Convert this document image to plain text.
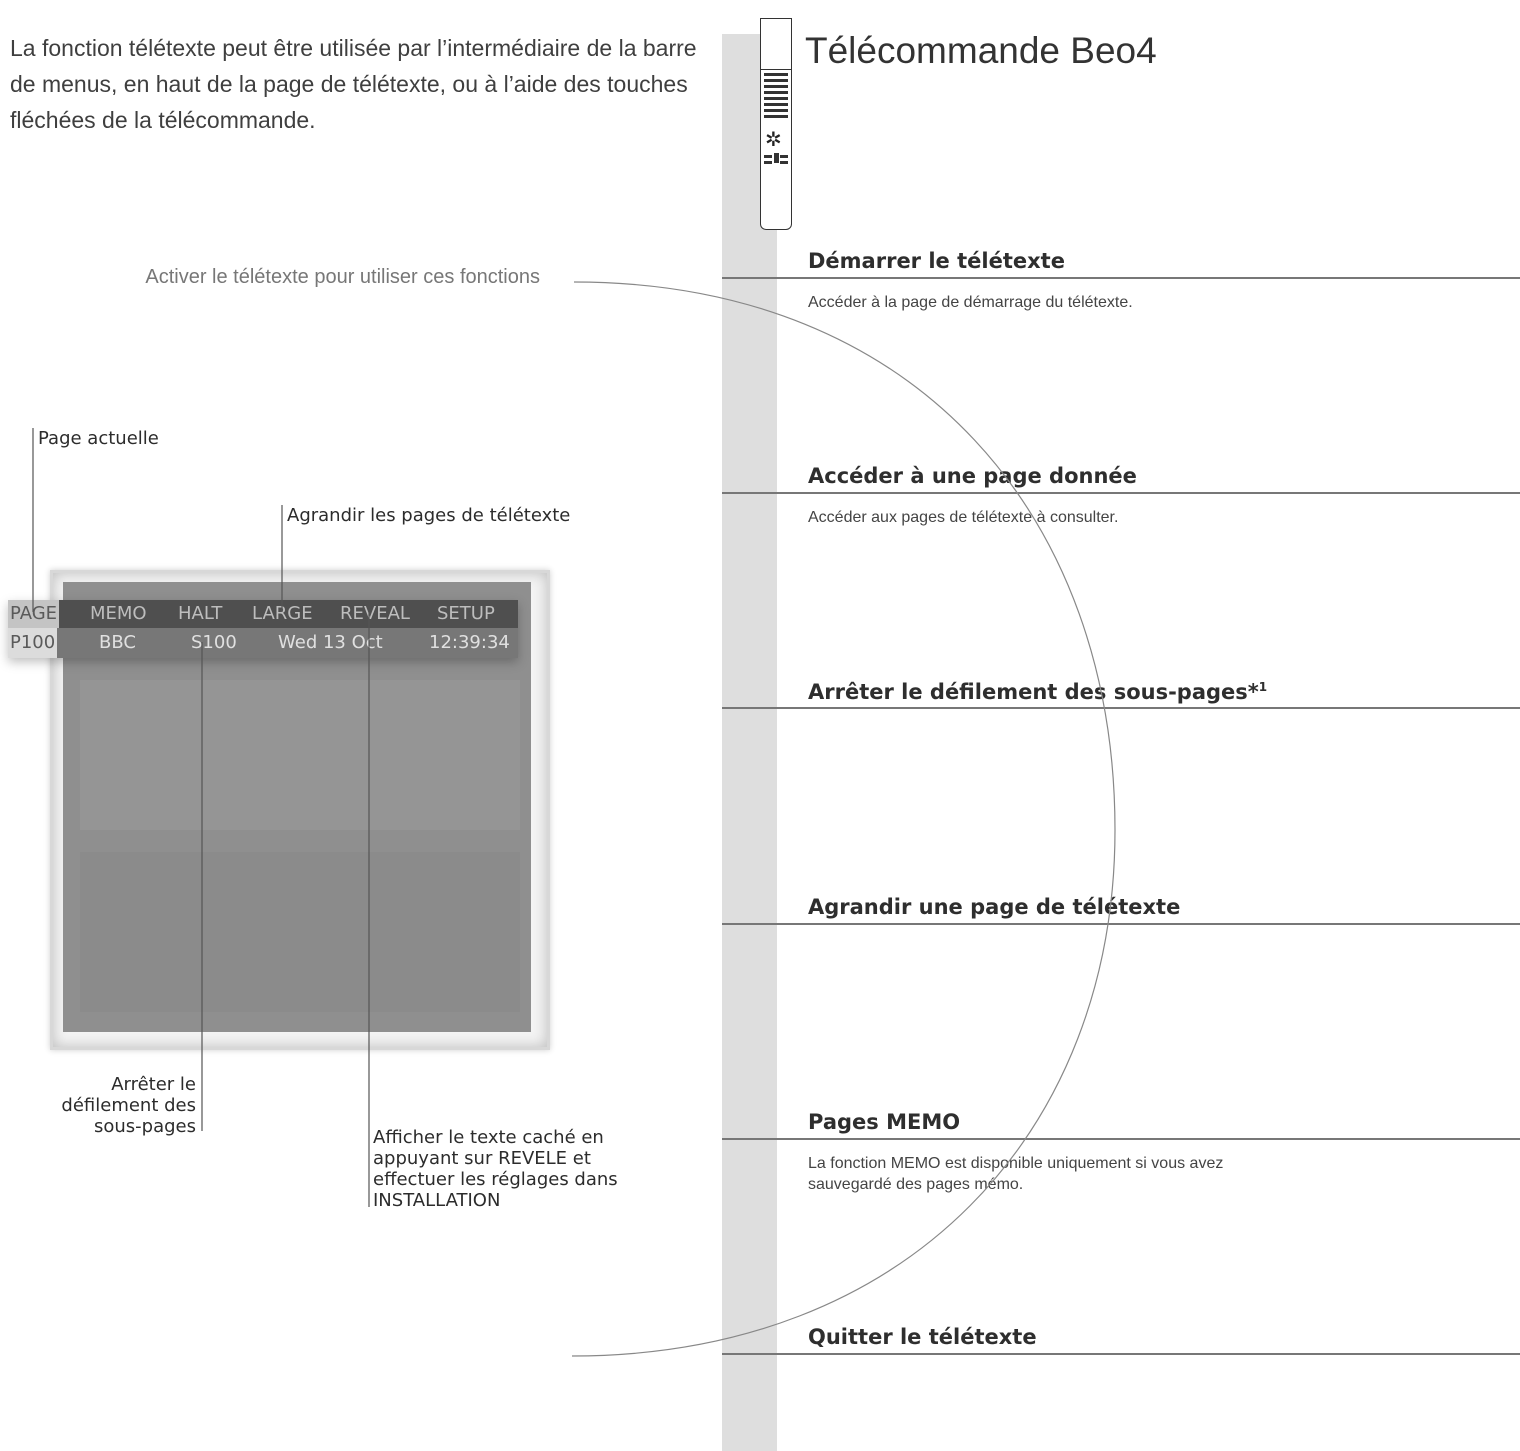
La fonction télétexte peut être utilisée par l’intermédiaire de la barre de menus, en haut de la page de télétexte, ou à l’aide des touches fléchées de la télécommande.

Activer le télétexte pour utiliser ces fonctions
PAGE MEMO HALT LARGE REVEAL SETUP
P100 BBC	S100 Wed 13 Oct	12:39:34
Page actuelle
Agrandir les pages de télétexte
Arrêter le
défilement des
sous-pages
Afficher le texte caché en
appuyant sur REVELE et
effectuer les réglages dans
INSTALLATION
✲
Télécommande Beo4
Démarrer le télétexte
Accéder à la page de démarrage du télétexte.
Accéder à une page donnée
Accéder aux pages de télétexte à consulter.
Arrêter le défilement des sous-pages*$^1$
Agrandir une page de télétexte
Pages MEMO
La fonction MEMO est disponible uniquement si vous avez
sauvegardé des pages mémo.
Quitter le télétexte
